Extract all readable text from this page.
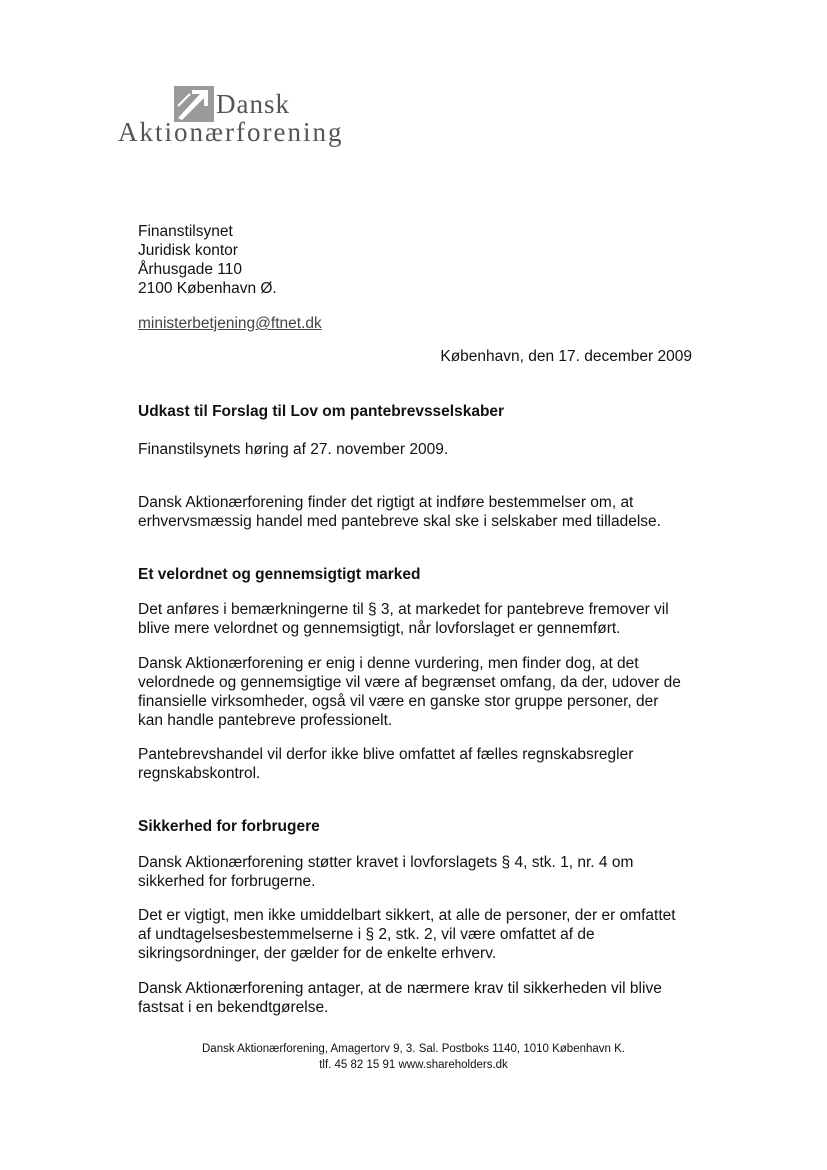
Dansk
Aktionærforening

Finanstilsynet

Juridisk kontor

Århusgade 110

2100 København Ø.

ministerbetjening@ftnet.dk

København, den 17. december 2009

Udkast til Forslag til Lov om pantebrevsselskaber

Finanstilsynets høring af 27. november 2009.

Dansk Aktionærforening finder det rigtigt at indføre bestemmelser om, at

erhvervsmæssig handel med pantebreve skal ske i selskaber med tilladelse.

Et velordnet og gennemsigtigt marked

Det anføres i bemærkningerne til § 3, at markedet for pantebreve fremover vil

blive mere velordnet og gennemsigtigt, når lovforslaget er gennemført.

Dansk Aktionærforening er enig i denne vurdering, men finder dog, at det

velordnede og gennemsigtige vil være af begrænset omfang, da der, udover de

finansielle virksomheder, også vil være en ganske stor gruppe personer, der

kan handle pantebreve professionelt.

Pantebrevshandel vil derfor ikke blive omfattet af fælles regnskabsregler

regnskabskontrol.

Sikkerhed for forbrugere

Dansk Aktionærforening støtter kravet i lovforslagets § 4, stk. 1, nr. 4 om

sikkerhed for forbrugerne.

Det er vigtigt, men ikke umiddelbart sikkert, at alle de personer, der er omfattet

af undtagelsesbestemmelserne i § 2, stk. 2, vil være omfattet af de

sikringsordninger, der gælder for de enkelte erhverv.

Dansk Aktionærforening antager, at de nærmere krav til sikkerheden vil blive

fastsat i en bekendtgørelse.

Dansk Aktionærforening, Amagertorv 9, 3. Sal. Postboks 1140, 1010 København K.
tlf. 45 82 15 91 www.shareholders.dk
